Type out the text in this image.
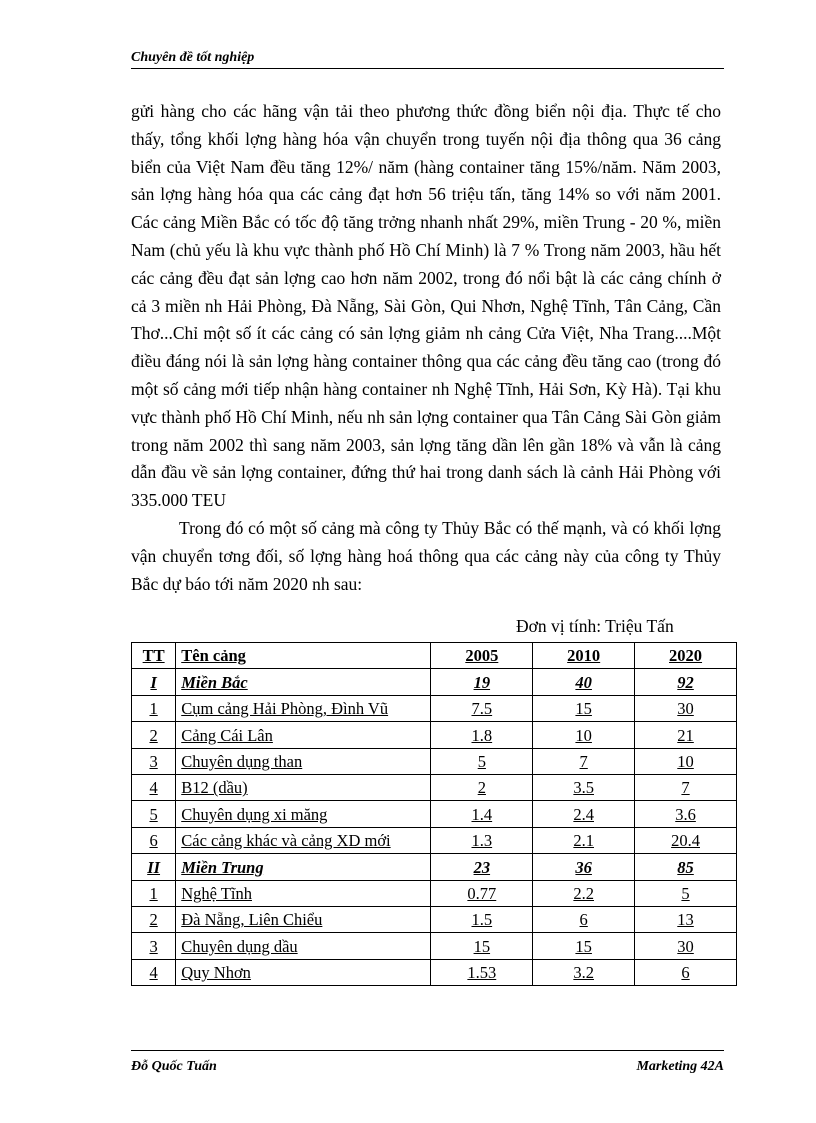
Chuyên đề tốt nghiệp

gửi hàng cho các hãng vận tải theo phương thức đồng biển nội địa. Thực tế cho thấy, tổng khối lợng hàng hóa vận chuyển trong tuyến nội địa thông qua 36 cảng biển của Việt Nam đều tăng 12%/ năm (hàng container tăng 15%/năm. Năm 2003, sản lợng hàng hóa qua các cảng đạt hơn 56 triệu tấn, tăng 14% so với năm 2001. Các cảng Miền Bắc có tốc độ tăng trởng nhanh nhất 29%, miền Trung - 20 %, miền Nam (chủ yếu là khu vực thành phố Hồ Chí Minh) là 7 % Trong năm 2003, hầu hết các cảng đều đạt sản lợng cao hơn năm 2002, trong đó nổi bật là các cảng chính ở cả 3 miền nh Hải Phòng, Đà Nẵng, Sài Gòn, Qui Nhơn, Nghệ Tĩnh, Tân Cảng, Cần Thơ...Chỉ một số ít các cảng có sản lợng giảm nh cảng Cửa Việt, Nha Trang....Một điều đáng nói là sản lợng hàng container thông qua các cảng đều tăng cao (trong đó một số cảng mới tiếp nhận hàng container nh Nghệ Tĩnh, Hải Sơn, Kỳ Hà). Tại khu vực thành phố Hồ Chí Minh, nếu nh sản lợng container qua Tân Cảng Sài Gòn giảm trong năm 2002 thì sang năm 2003, sản lợng tăng dần lên gần 18% và vẫn là cảng dẫn đầu về sản lợng container, đứng thứ hai trong danh sách là cảnh Hải Phòng với 335.000 TEU

Trong đó có một số cảng mà công ty Thủy Bắc có thế mạnh, và có khối lợng vận chuyển tơng đối, số lợng hàng hoá thông qua các cảng này của công ty Thủy Bắc dự báo tới năm 2020 nh sau:

Đơn vị tính: Triệu Tấn
TT	Tên cảng	2005	2010	2020
I	Miền Bắc	19	40	92
1	Cụm cảng Hải Phòng, Đình Vũ	7.5	15	30
2	Cảng Cái Lân	1.8	10	21
3	Chuyên dụng than	5	7	10
4	B12 (dầu)	2	3.5	7
5	Chuyên dụng xi măng	1.4	2.4	3.6
6	Các cảng khác và cảng XD mới	1.3	2.1	20.4
II	Miền Trung	23	36	85
1	Nghệ Tĩnh	0.77	2.2	5
2	Đà Nẵng, Liên Chiểu	1.5	6	13
3	Chuyên dụng dầu	15	15	30
4	Quy Nhơn	1.53	3.2	6
Đỗ Quốc Tuấn	Marketing 42A
